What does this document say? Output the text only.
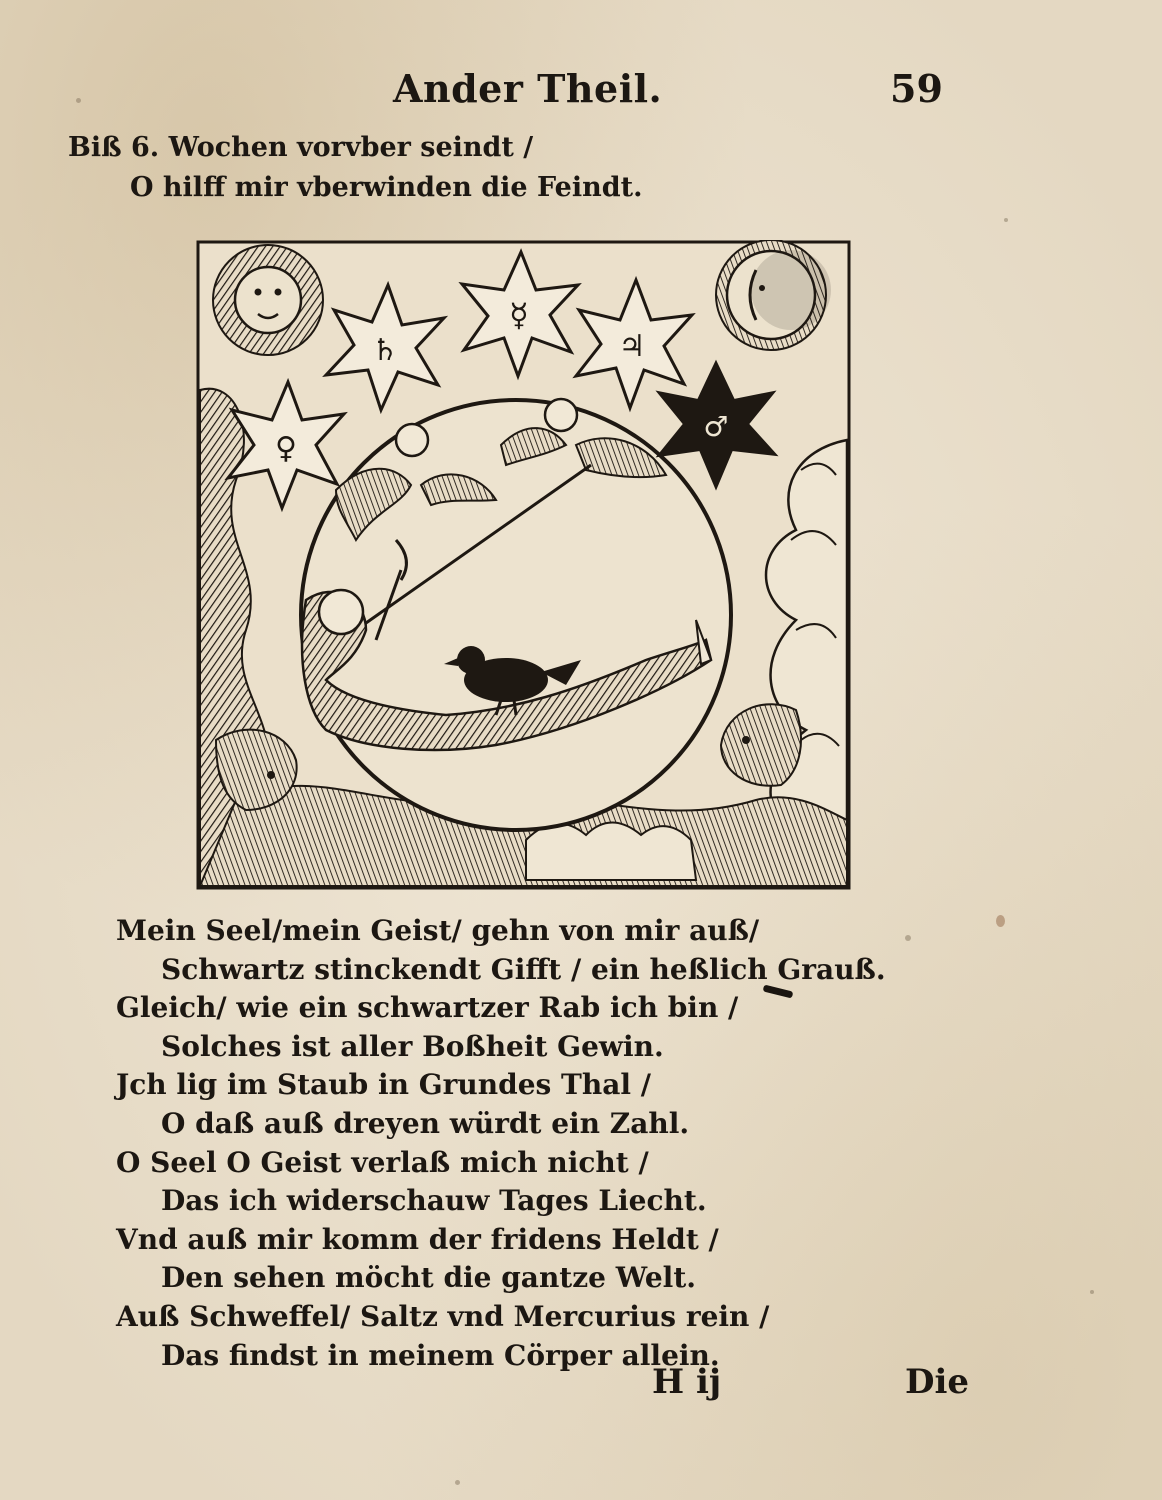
Ander Theil.	59
Biß 6. Wochen vorvber seindt /
O hilff mir vberwinden die Feindt.
♄
☿
♃
♀
♂
Mein Seel/mein Geist/ gehn von mir auß/
Schwartz stinckendt Gifft / ein heßlich Grauß.
Gleich/ wie ein schwartzer Rab ich bin /
Solches ist aller Boßheit Gewin.
Jch lig im Staub in Grundes Thal /
O daß auß dreyen würdt ein Zahl.
O Seel O Geist verlaß mich nicht /
Das ich widerschauw Tages Liecht.
Vnd auß mir komm der fridens Heldt /
Den sehen möcht die gantze Welt.
Auß Schweffel/ Saltz vnd Mercurius rein /
Das findst in meinem Cörper allein.
H ij	Die
